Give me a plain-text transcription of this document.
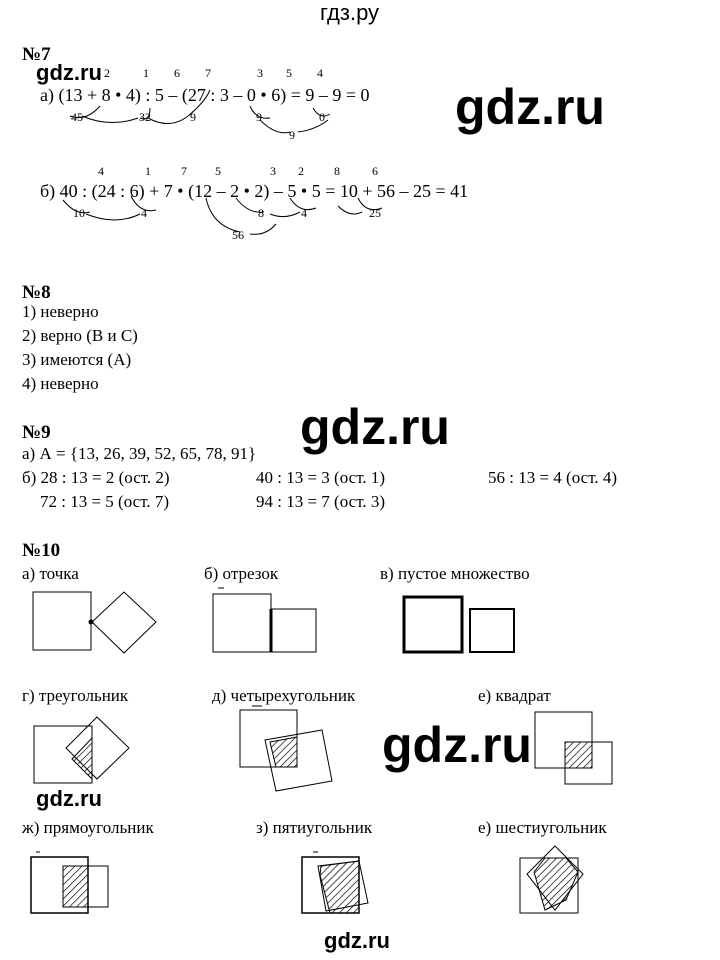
гдз.ру
gdz.ru
gdz.ru
gdz.ru
gdz.ru
gdz.ru
gdz.ru
№7
2	1 6 7	3 5 4
а) (13 + 8 • 4) : 5 – (27 : 3 – 0 • 6) = 9 – 9 = 0
45	32	9	9	0
9
4	1	7 5	3 2	8	6
б) 40 : (24 : 6) + 7 • (12 – 2 • 2) – 5 • 5 = 10 + 56 – 25 = 41
10	4	8	4	25
56
№8
1) неверно
2) верно (В и С)
3) имеются (А)
4) неверно
№9
а) А = {13, 26, 39, 52, 65, 78, 91}
б) 28 : 13 = 2 (ост. 2)	40 : 13 = 3 (ост. 1)	56 : 13 = 4 (ост. 4)
72 : 13 = 5 (ост. 7)	94 : 13 = 7 (ост. 3)
№10
а) точка	б) отрезок	в) пустое множество
г) треугольник	д) четырехугольник	е) квадрат
ж) прямоугольник	з) пятиугольник	е) шестиугольник
